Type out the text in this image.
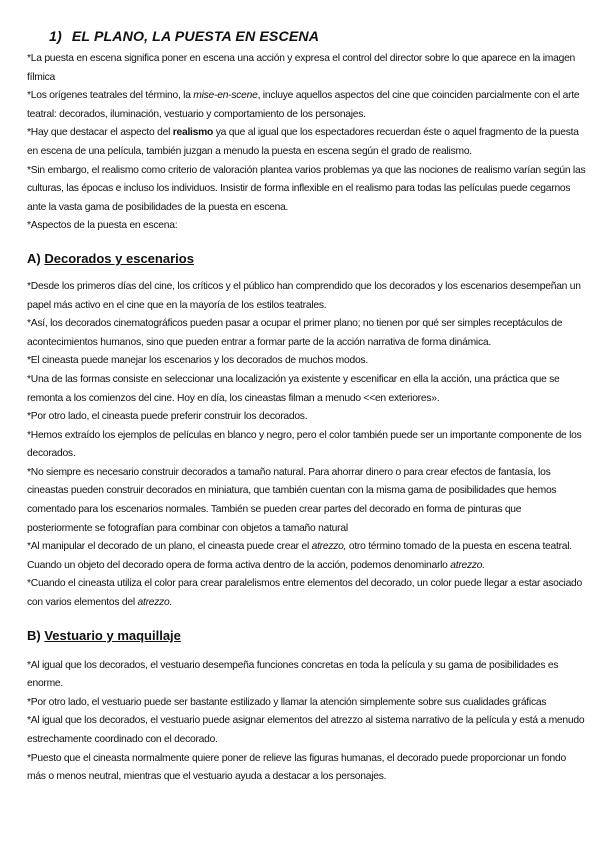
1) EL PLANO, LA PUESTA EN ESCENA

*La puesta en escena significa poner en escena una acción y expresa el control del director sobre lo que aparece en la imagen fílmica

*Los orígenes teatrales del término, la mise-en-scene, incluye aquellos aspectos del cine que coinciden parcialmente con el arte teatral: decorados, iluminación, vestuario y comportamiento de los personajes.

*Hay que destacar el aspecto del realismo ya que al igual que los espectadores recuerdan éste o aquel fragmento de la puesta en escena de una película, también juzgan a menudo la puesta en escena según el grado de realismo.

*Sin embargo, el realismo como criterio de valoración plantea varios problemas ya que las nociones de realismo varían según las culturas, las épocas e incluso los individuos. Insistir de forma inflexible en el realismo para todas las películas puede cegarnos ante la vasta gama de posibilidades de la puesta en escena.

*Aspectos de la puesta en escena:

A) Decorados y escenarios

*Desde los primeros días del cine, los críticos y el público han comprendido que los decorados y los escenarios desempeñan un papel más activo en el cine que en la mayoría de los estilos teatrales.

*Así, los decorados cinematográficos pueden pasar a ocupar el primer plano; no tienen por qué ser simples receptáculos de acontecimientos humanos, sino que pueden entrar a formar parte de la acción narrativa de forma dinámica.

*El cineasta puede manejar los escenarios y los decorados de muchos modos.

*Una de las formas consiste en seleccionar una localización ya existente y escenificar en ella la acción, una práctica que se remonta a los comienzos del cine. Hoy en día, los cineastas filman a menudo <<en exteriores».

*Por otro lado, el cineasta puede preferir construir los decorados.

*Hemos extraído los ejemplos de películas en blanco y negro, pero el color también puede ser un importante componente de los decorados.

*No siempre es necesario construir decorados a tamaño natural. Para ahorrar dinero o para crear efectos de fantasía, los cineastas pueden construir decorados en miniatura, que también cuentan con la misma gama de posibilidades que hemos comentado para los escenarios normales. También se pueden crear partes del decorado en forma de pinturas que posteriormente se fotografían para combinar con objetos a tamaño natural

*Al manipular el decorado de un plano, el cineasta puede crear el atrezzo, otro término tomado de la puesta en escena teatral. Cuando un objeto del decorado opera de forma activa dentro de la acción, podemos denominarlo atrezzo.

*Cuando el cineasta utiliza el color para crear paralelismos entre elementos del decorado, un color puede llegar a estar asociado con varios elementos del atrezzo.

B) Vestuario y maquillaje

*Al igual que los decorados, el vestuario desempeña funciones concretas en toda la película y su gama de posibilidades es enorme.

*Por otro lado, el vestuario puede ser bastante estilizado y llamar la atención simplemente sobre sus cualidades gráficas

*Al igual que los decorados, el vestuario puede asignar elementos del atrezzo al sistema narrativo de la película y está a menudo estrechamente coordinado con el decorado.

*Puesto que el cineasta normalmente quiere poner de relieve las figuras humanas, el decorado puede proporcionar un fondo más o menos neutral, mientras que el vestuario ayuda a destacar a los personajes.
